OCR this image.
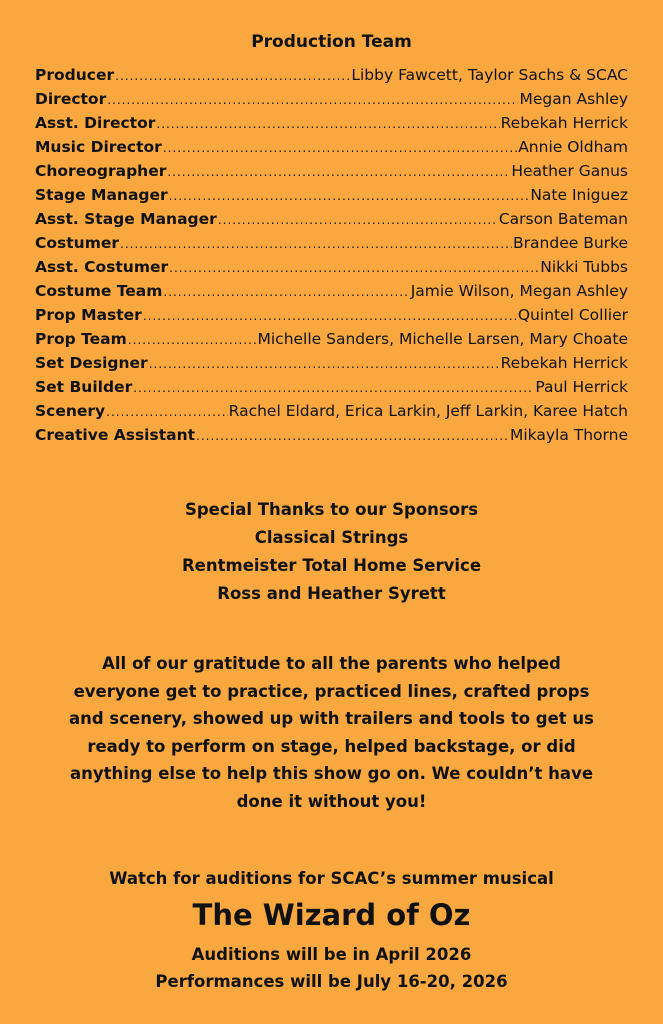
Production Team
Producer .....	Libby Fawcett, Taylor Sachs & SCAC
Director .....	Megan Ashley
Asst. Director .....	Rebekah Herrick
Music Director .....	Annie Oldham
Choreographer .....	Heather Ganus
Stage Manager .....	Nate Iniguez
Asst. Stage Manager .....	Carson Bateman
Costumer .....	Brandee Burke
Asst. Costumer .....	Nikki Tubbs
Costume Team .....	Jamie Wilson, Megan Ashley
Prop Master .....	Quintel Collier
Prop Team .....	Michelle Sanders, Michelle Larsen, Mary Choate
Set Designer .....	Rebekah Herrick
Set Builder .....	Paul Herrick
Scenery .....	Rachel Eldard, Erica Larkin, Jeff Larkin, Karee Hatch
Creative Assistant .....	Mikayla Thorne
Special Thanks to our Sponsors
Classical Strings
Rentmeister Total Home Service
Ross and Heather Syrett
All of our gratitude to all the parents who helped everyone get to practice, practiced lines, crafted props and scenery, showed up with trailers and tools to get us ready to perform on stage, helped backstage, or did anything else to help this show go on. We couldn’t have done it without you!
Watch for auditions for SCAC’s summer musical
The Wizard of Oz
Auditions will be in April 2026
Performances will be July 16-20, 2026
